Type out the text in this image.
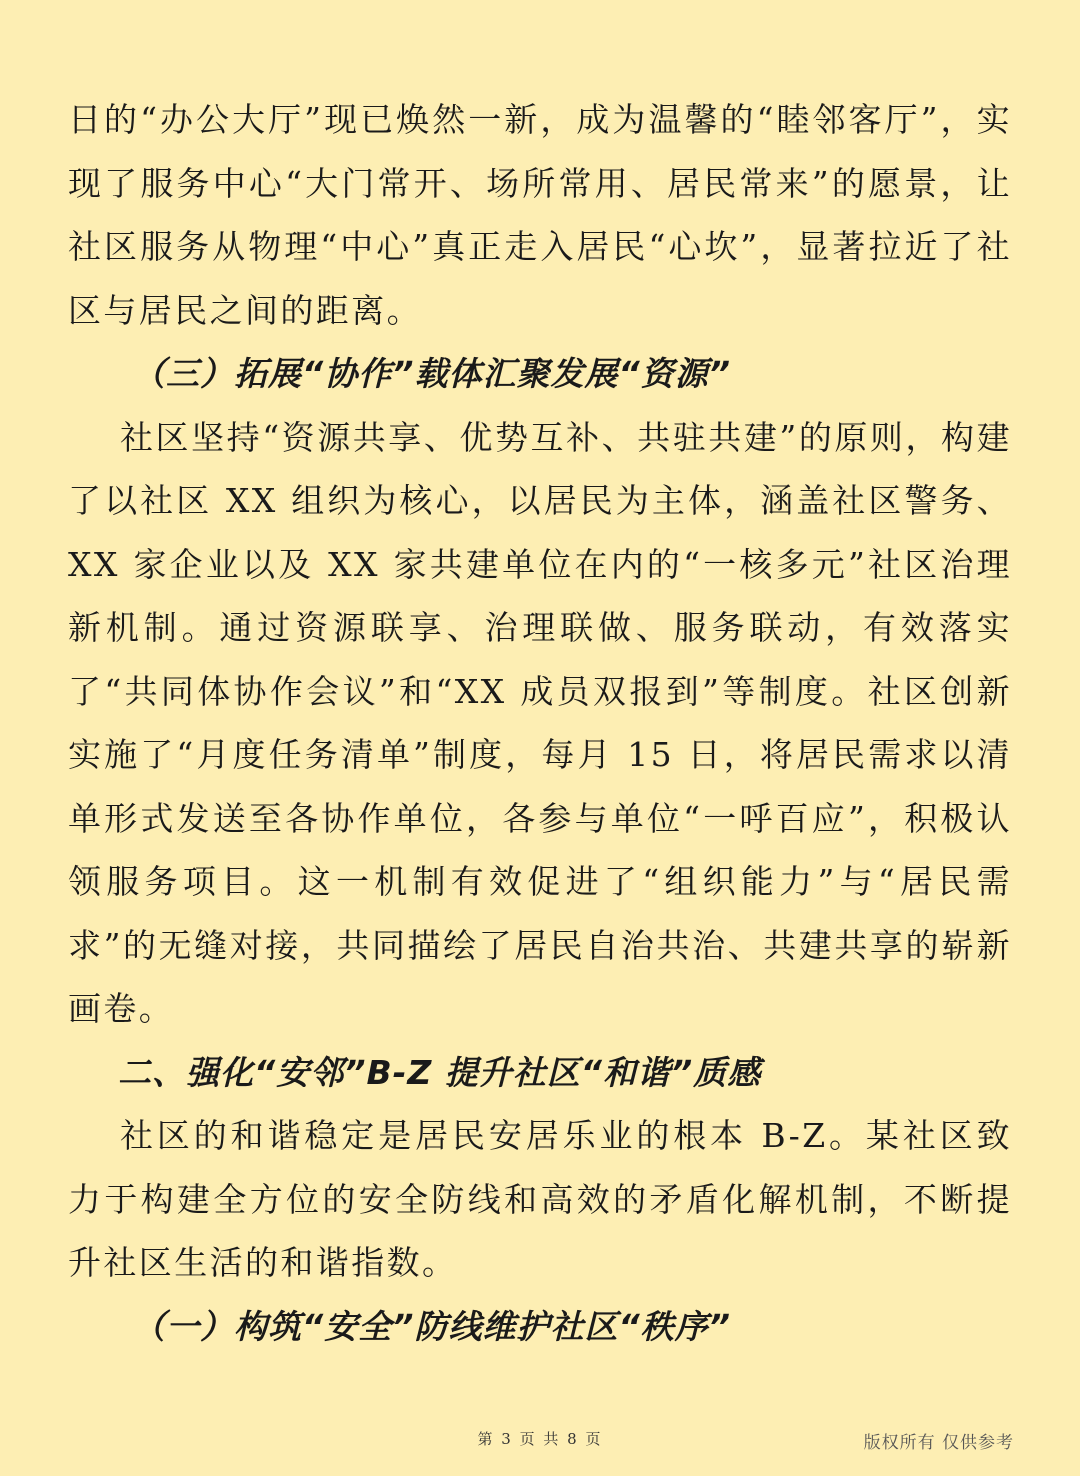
日的“办公大厅”现已焕然一新，成为温馨的“睦邻客厅”，实现了服务中心“大门常开、场所常用、居民常来”的愿景，让社区服务从物理“中心”真正走入居民“心坎”，显著拉近了社区与居民之间的距离。

（三）拓展“协作”载体汇聚发展“资源”

社区坚持“资源共享、优势互补、共驻共建”的原则，构建了以社区 XX 组织为核心，以居民为主体，涵盖社区警务、XX 家企业以及 XX 家共建单位在内的“一核多元”社区治理新机制。通过资源联享、治理联做、服务联动，有效落实了“共同体协作会议”和“XX 成员双报到”等制度。社区创新实施了“月度任务清单”制度，每月 15 日，将居民需求以清单形式发送至各协作单位，各参与单位“一呼百应”，积极认领服务项目。这一机制有效促进了“组织能力”与“居民需求”的无缝对接，共同描绘了居民自治共治、共建共享的崭新画卷。

二、强化“安邻”B-Z 提升社区“和谐”质感

社区的和谐稳定是居民安居乐业的根本 B-Z。某社区致力于构建全方位的安全防线和高效的矛盾化解机制，不断提升社区生活的和谐指数。

（一）构筑“安全”防线维护社区“秩序”

第 3 页 共 8 页	版权所有 仅供参考
